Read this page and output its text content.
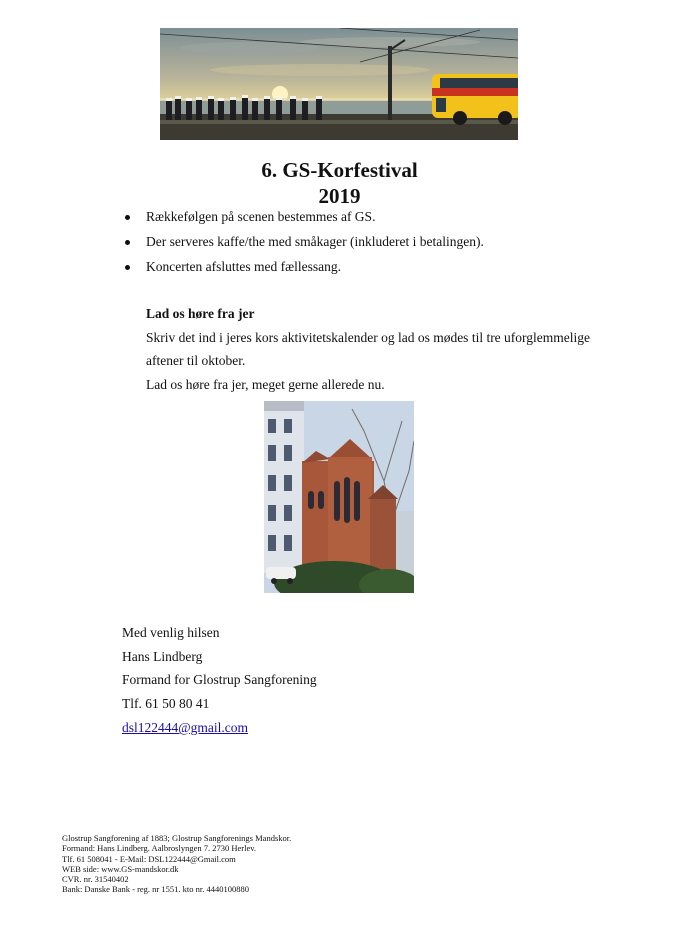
6. GS-Korfestival
2019
Rækkefølgen på scenen bestemmes af GS.
Der serveres kaffe/the med småkager (inkluderet i betalingen).
Koncerten afsluttes med fællessang.
Lad os høre fra jer
Skriv det ind i jeres kors aktivitetskalender og lad os mødes til tre uforglemmelige
aftener til oktober.
Lad os høre fra jer, meget gerne allerede nu.
Med venlig hilsen
Hans Lindberg
Formand for Glostrup Sangforening
Tlf. 61 50 80 41
dsl122444@gmail.com
Glostrup Sangforening af 1883; Glostrup Sangforenings Mandskor.
Formand: Hans Lindberg. Aalbroslyngen 7. 2730 Herlev.
Tlf. 61 508041 - E-Mail: DSL122444@Gmail.com
WEB side: www.GS-mandskor.dk
CVR. nr. 31540402
Bank: Danske Bank - reg. nr 1551. kto nr. 4440100880
